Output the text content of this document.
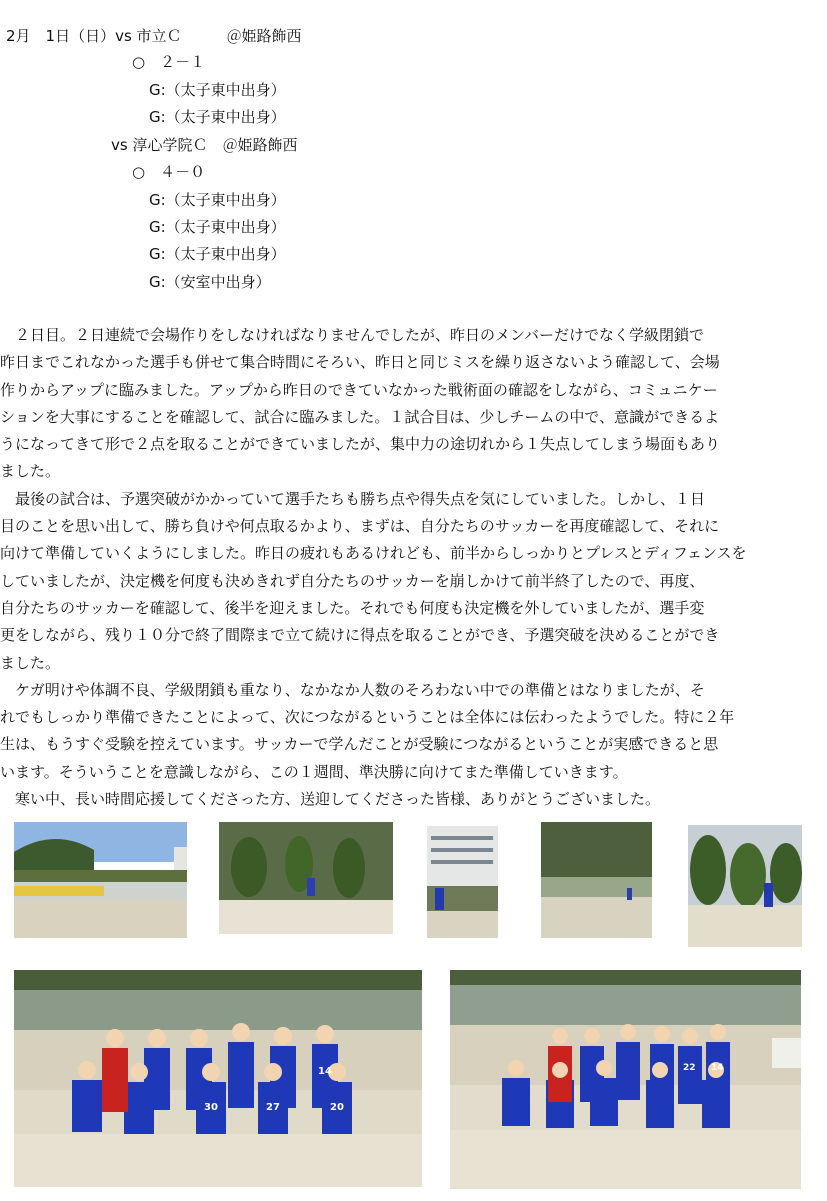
2月　1日（日）vs 市立Ｃ　　　＠姫路飾西
○　２－１
G:（太子東中出身）
G:（太子東中出身）
vs 淳心学院Ｃ　＠姫路飾西
○　４－０
G:（太子東中出身）
G:（太子東中出身）
G:（太子東中出身）
G:（安室中出身）
　２日目。２日連続で会場作りをしなければなりませんでしたが、昨日のメンバーだけでなく学級閉鎖で
昨日までこれなかった選手も併せて集合時間にそろい、昨日と同じミスを繰り返さないよう確認して、会場
作りからアップに臨みました。アップから昨日のできていなかった戦術面の確認をしながら、コミュニケー
ションを大事にすることを確認して、試合に臨みました。１試合目は、少しチームの中で、意識ができるよ
うになってきて形で２点を取ることができていましたが、集中力の途切れから１失点してしまう場面もあり
ました。
　最後の試合は、予選突破がかかっていて選手たちも勝ち点や得失点を気にしていました。しかし、１日
目のことを思い出して、勝ち負けや何点取るかより、まずは、自分たちのサッカーを再度確認して、それに
向けて準備していくようにしました。昨日の疲れもあるけれども、前半からしっかりとプレスとディフェンスを
していましたが、決定機を何度も決めきれず自分たちのサッカーを崩しかけて前半終了したので、再度、
自分たちのサッカーを確認して、後半を迎えました。それでも何度も決定機を外していましたが、選手変
更をしながら、残り１０分で終了間際まで立て続けに得点を取ることができ、予選突破を決めることができ
ました。
　ケガ明けや体調不良、学級閉鎖も重なり、なかなか人数のそろわない中での準備とはなりましたが、そ
れでもしっかり準備できたことによって、次につながるということは全体には伝わったようでした。特に２年
生は、もうすぐ受験を控えています。サッカーで学んだことが受験につながるということが実感できると思
います。そういうことを意識しながら、この１週間、準決勝に向けてまた準備していきます。
　寒い中、長い時間応援してくださった方、送迎してくださった皆様、ありがとうございました。
30	27	20
14	22 14
